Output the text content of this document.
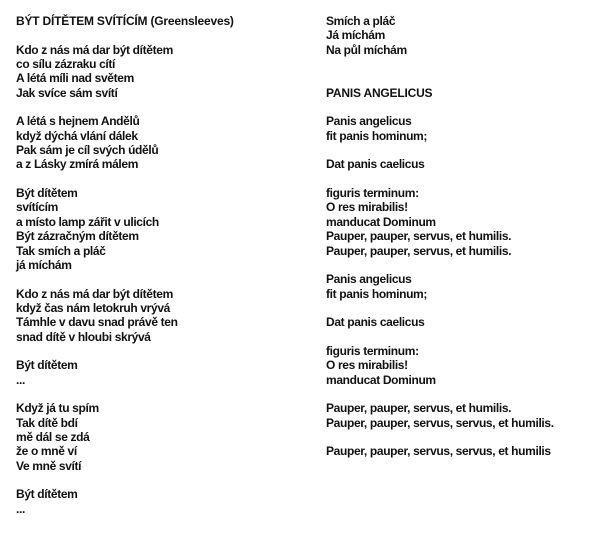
BÝT DÍTĚTEM SVÍTÍCÍM (Greensleeves)
Kdo z nás má dar být dítětem
co sílu zázraku cítí
A létá míli nad světem
Jak svíce sám svítí
A létá s hejnem Andělů
když dýchá vlání dálek
Pak sám je cíl svých údělů
a z Lásky zmírá málem
Být dítětem
svítícím
a místo lamp zářit v ulicích
Být zázračným dítětem
Tak smích a pláč
já míchám
Kdo z nás má dar být dítětem
když čas nám letokruh vrývá
Támhle v davu snad právě ten
snad dítě v hloubi skrývá
Být dítětem
...
Když já tu spím
Tak dítě bdí
mě dál se zdá
že o mně ví
Ve mně svítí
Být dítětem
...
Smích a pláč
Já míchám
Na půl míchám
PANIS ANGELICUS
Panis angelicus
fit panis hominum;
Dat panis caelicus
figuris terminum:
O res mirabilis!
manducat Dominum
Pauper, pauper, servus, et humilis.
Pauper, pauper, servus, et humilis.
Panis angelicus
fit panis hominum;
Dat panis caelicus
figuris terminum:
O res mirabilis!
manducat Dominum
Pauper, pauper, servus, et humilis.
Pauper, pauper, servus, servus, et humilis.
Pauper, pauper, servus, servus, et humilis
